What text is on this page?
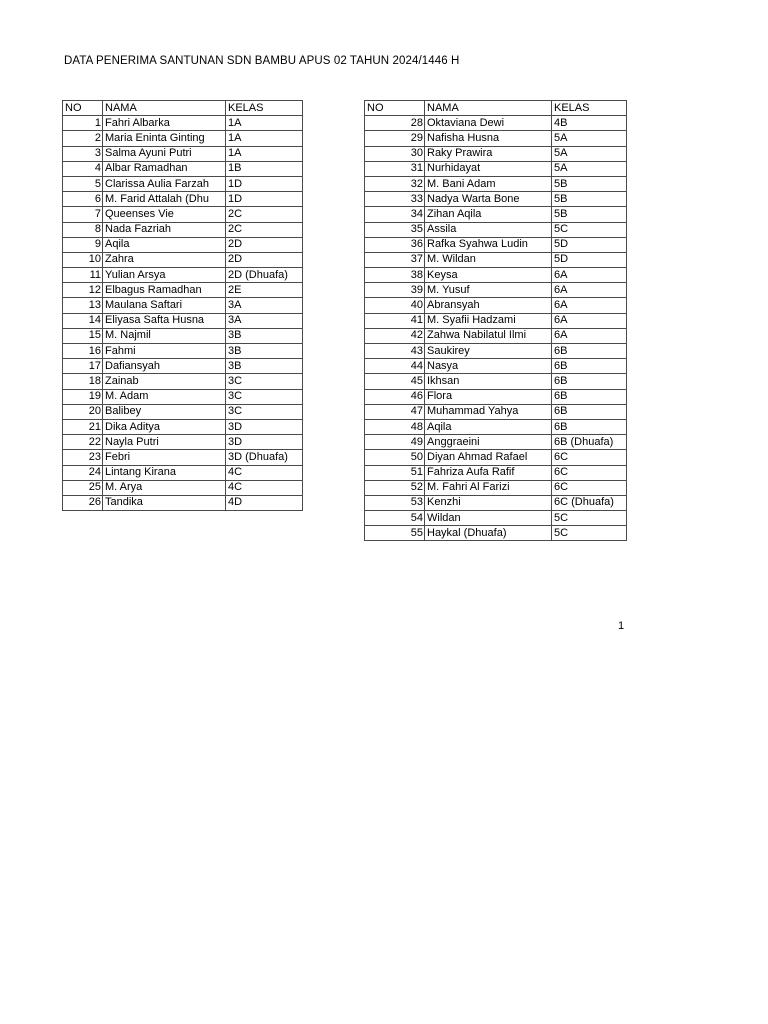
DATA PENERIMA SANTUNAN SDN BAMBU APUS 02 TAHUN 2024/1446 H
NO	NAMA	KELAS
1	Fahri Albarka	1A
2	Maria Eninta Ginting	1A
3	Salma Ayuni Putri	1A
4	Albar Ramadhan	1B
5	Clarissa Aulia Farzah	1D
6	M. Farid Attalah (Dhu	1D
7	Queenses Vie	2C
8	Nada Fazriah	2C
9	Aqila	2D
10	Zahra	2D
11	Yulian Arsya	2D (Dhuafa)
12	Elbagus Ramadhan	2E
13	Maulana Saftari	3A
14	Eliyasa Safta Husna	3A
15	M. Najmil	3B
16	Fahmi	3B
17	Dafiansyah	3B
18	Zainab	3C
19	M. Adam	3C
20	Balibey	3C
21	Dika Aditya	3D
22	Nayla Putri	3D
23	Febri	3D (Dhuafa)
24	Lintang Kirana	4C
25	M. Arya	4C
26	Tandika	4D
NO	NAMA	KELAS
28	Oktaviana Dewi	4B
29	Nafisha Husna	5A
30	Raky Prawira	5A
31	Nurhidayat	5A
32	M. Bani Adam	5B
33	Nadya Warta Bone	5B
34	Zihan Aqila	5B
35	Assila	5C
36	Rafka Syahwa Ludin	5D
37	M. Wildan	5D
38	Keysa	6A
39	M. Yusuf	6A
40	Abransyah	6A
41	M. Syafii Hadzami	6A
42	Zahwa Nabilatul Ilmi	6A
43	Saukirey	6B
44	Nasya	6B
45	Ikhsan	6B
46	Flora	6B
47	Muhammad Yahya	6B
48	Aqila	6B
49	Anggraeini	6B (Dhuafa)
50	Diyan Ahmad Rafael	6C
51	Fahriza Aufa Rafif	6C
52	M. Fahri Al Farizi	6C
53	Kenzhi	6C (Dhuafa)
54	Wildan	5C
55	Haykal (Dhuafa)	5C
1
